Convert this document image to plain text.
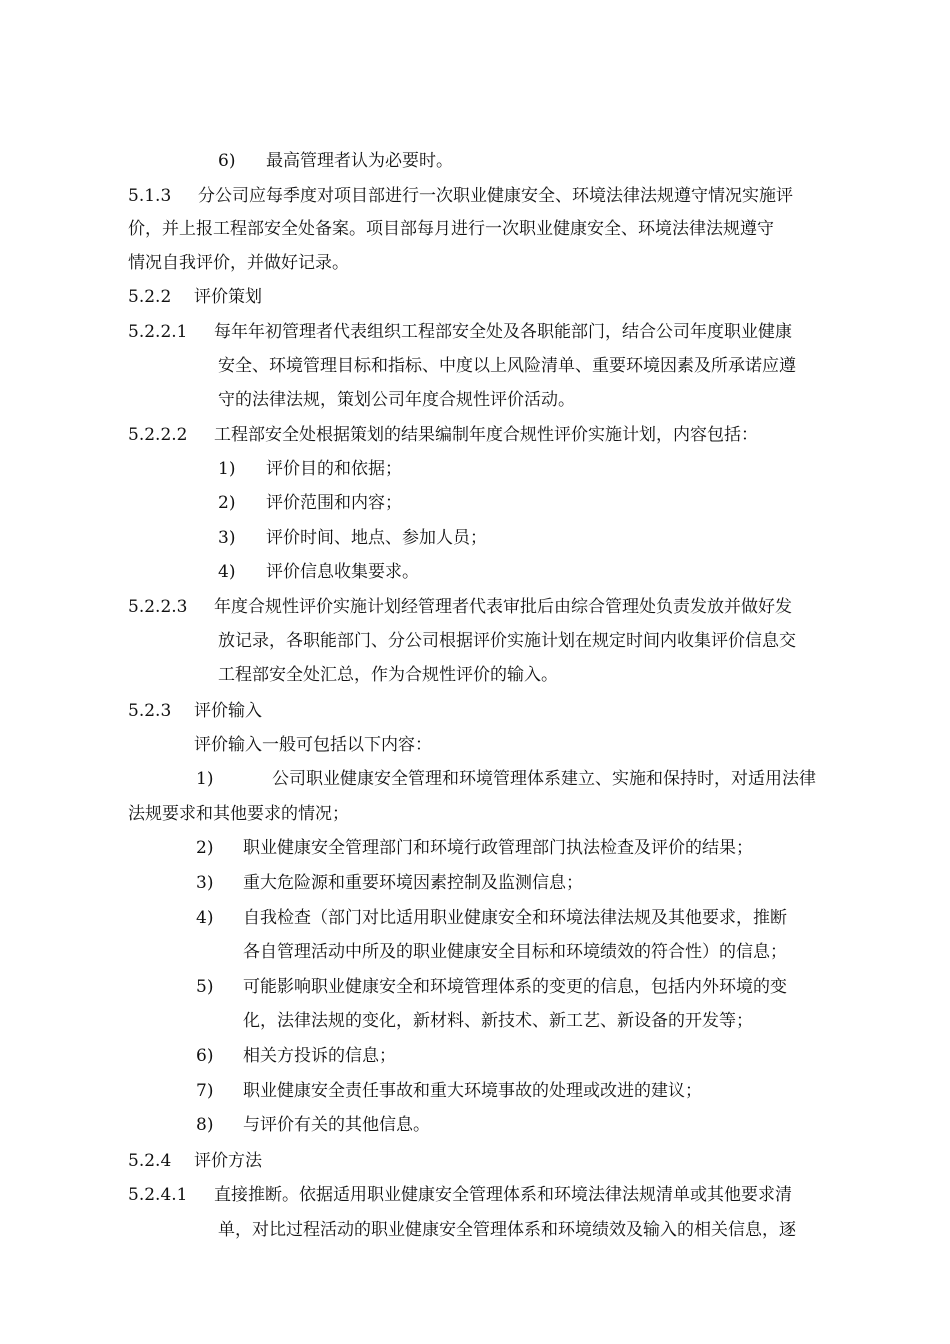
6) 最高管理者认为必要时。
5.1.3 分公司应每季度对项目部进行一次职业健康安全、环境法律法规遵守情况实施评
价，并上报工程部安全处备案。项目部每月进行一次职业健康安全、环境法律法规遵守
情况自我评价，并做好记录。
5.2.2 评价策划
5.2.2.1 每年年初管理者代表组织工程部安全处及各职能部门，结合公司年度职业健康
安全、环境管理目标和指标、中度以上风险清单、重要环境因素及所承诺应遵
守的法律法规，策划公司年度合规性评价活动。
5.2.2.2 工程部安全处根据策划的结果编制年度合规性评价实施计划，内容包括：
1) 评价目的和依据；
2) 评价范围和内容；
3) 评价时间、地点、参加人员；
4) 评价信息收集要求。
5.2.2.3 年度合规性评价实施计划经管理者代表审批后由综合管理处负责发放并做好发
放记录，各职能部门、分公司根据评价实施计划在规定时间内收集评价信息交
工程部安全处汇总，作为合规性评价的输入。
5.2.3 评价输入
评价输入一般可包括以下内容：
1)	公司职业健康安全管理和环境管理体系建立、实施和保持时，对适用法律
法规要求和其他要求的情况；
2) 职业健康安全管理部门和环境行政管理部门执法检查及评价的结果；
3) 重大危险源和重要环境因素控制及监测信息；
4) 自我检查（部门对比适用职业健康安全和环境法律法规及其他要求，推断
各自管理活动中所及的职业健康安全目标和环境绩效的符合性）的信息；
5) 可能影响职业健康安全和环境管理体系的变更的信息，包括内外环境的变
化，法律法规的变化，新材料、新技术、新工艺、新设备的开发等；
6) 相关方投诉的信息；
7) 职业健康安全责任事故和重大环境事故的处理或改进的建议；
8) 与评价有关的其他信息。
5.2.4 评价方法
5.2.4.1 直接推断。依据适用职业健康安全管理体系和环境法律法规清单或其他要求清
单，对比过程活动的职业健康安全管理体系和环境绩效及输入的相关信息，逐
